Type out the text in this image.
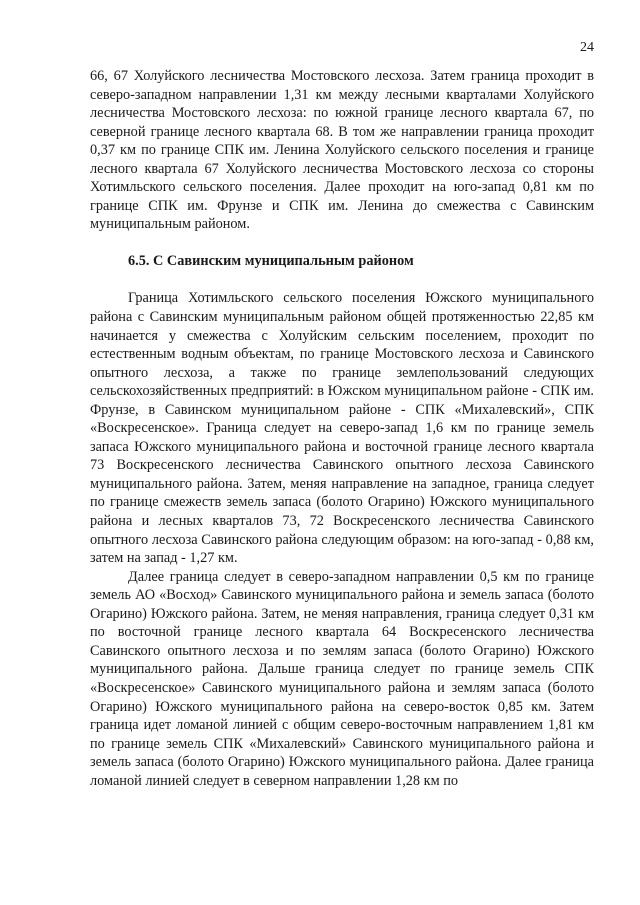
24

66, 67 Холуйского лесничества Мостовского лесхоза. Затем граница проходит в северо-западном направлении 1,31 км между лесными кварталами Холуйского лесничества Мостовского лесхоза: по южной границе лесного квартала 67, по северной границе лесного квартала 68. В том же направлении граница проходит 0,37 км по границе СПК им. Ленина Холуйского сельского поселения и границе лесного квартала 67 Холуйского лесничества Мостовского лесхоза со стороны Хотимльского сельского поселения. Далее проходит на юго-запад 0,81 км по границе СПК им. Фрунзе и СПК им. Ленина до смежества с Савинским муниципальным районом.

6.5. С Савинским муниципальным районом

Граница Хотимльского сельского поселения Южского муниципального района с Савинским муниципальным районом общей протяженностью 22,85 км начинается у смежества с Холуйским сельским поселением, проходит по естественным водным объектам, по границе Мостовского лесхоза и Савинского опытного лесхоза, а также по границе землепользований следующих сельскохозяйственных предприятий: в Южском муниципальном районе - СПК им. Фрунзе, в Савинском муниципальном районе - СПК «Михалевский», СПК «Воскресенское». Граница следует на северо-запад 1,6 км по границе земель запаса Южского муниципального района и восточной границе лесного квартала 73 Воскресенского лесничества Савинского опытного лесхоза Савинского муниципального района. Затем, меняя направление на западное, граница следует по границе смежеств земель запаса (болото Огарино) Южского муниципального района и лесных кварталов 73, 72 Воскресенского лесничества Савинского опытного лесхоза Савинского района следующим образом: на юго-запад - 0,88 км, затем на запад - 1,27 км.

Далее граница следует в северо-западном направлении 0,5 км по границе земель АО «Восход» Савинского муниципального района и земель запаса (болото Огарино) Южского района. Затем, не меняя направления, граница следует 0,31 км по восточной границе лесного квартала 64 Воскресенского лесничества Савинского опытного лесхоза и по землям запаса (болото Огарино) Южского муниципального района. Дальше граница следует по границе земель СПК «Воскресенское» Савинского муниципального района и землям запаса (болото Огарино) Южского муниципального района на северо-восток 0,85 км. Затем граница идет ломаной линией с общим северо-восточным направлением 1,81 км по границе земель СПК «Михалевский» Савинского муниципального района и земель запаса (болото Огарино) Южского муниципального района. Далее граница ломаной линией следует в северном направлении 1,28 км по
